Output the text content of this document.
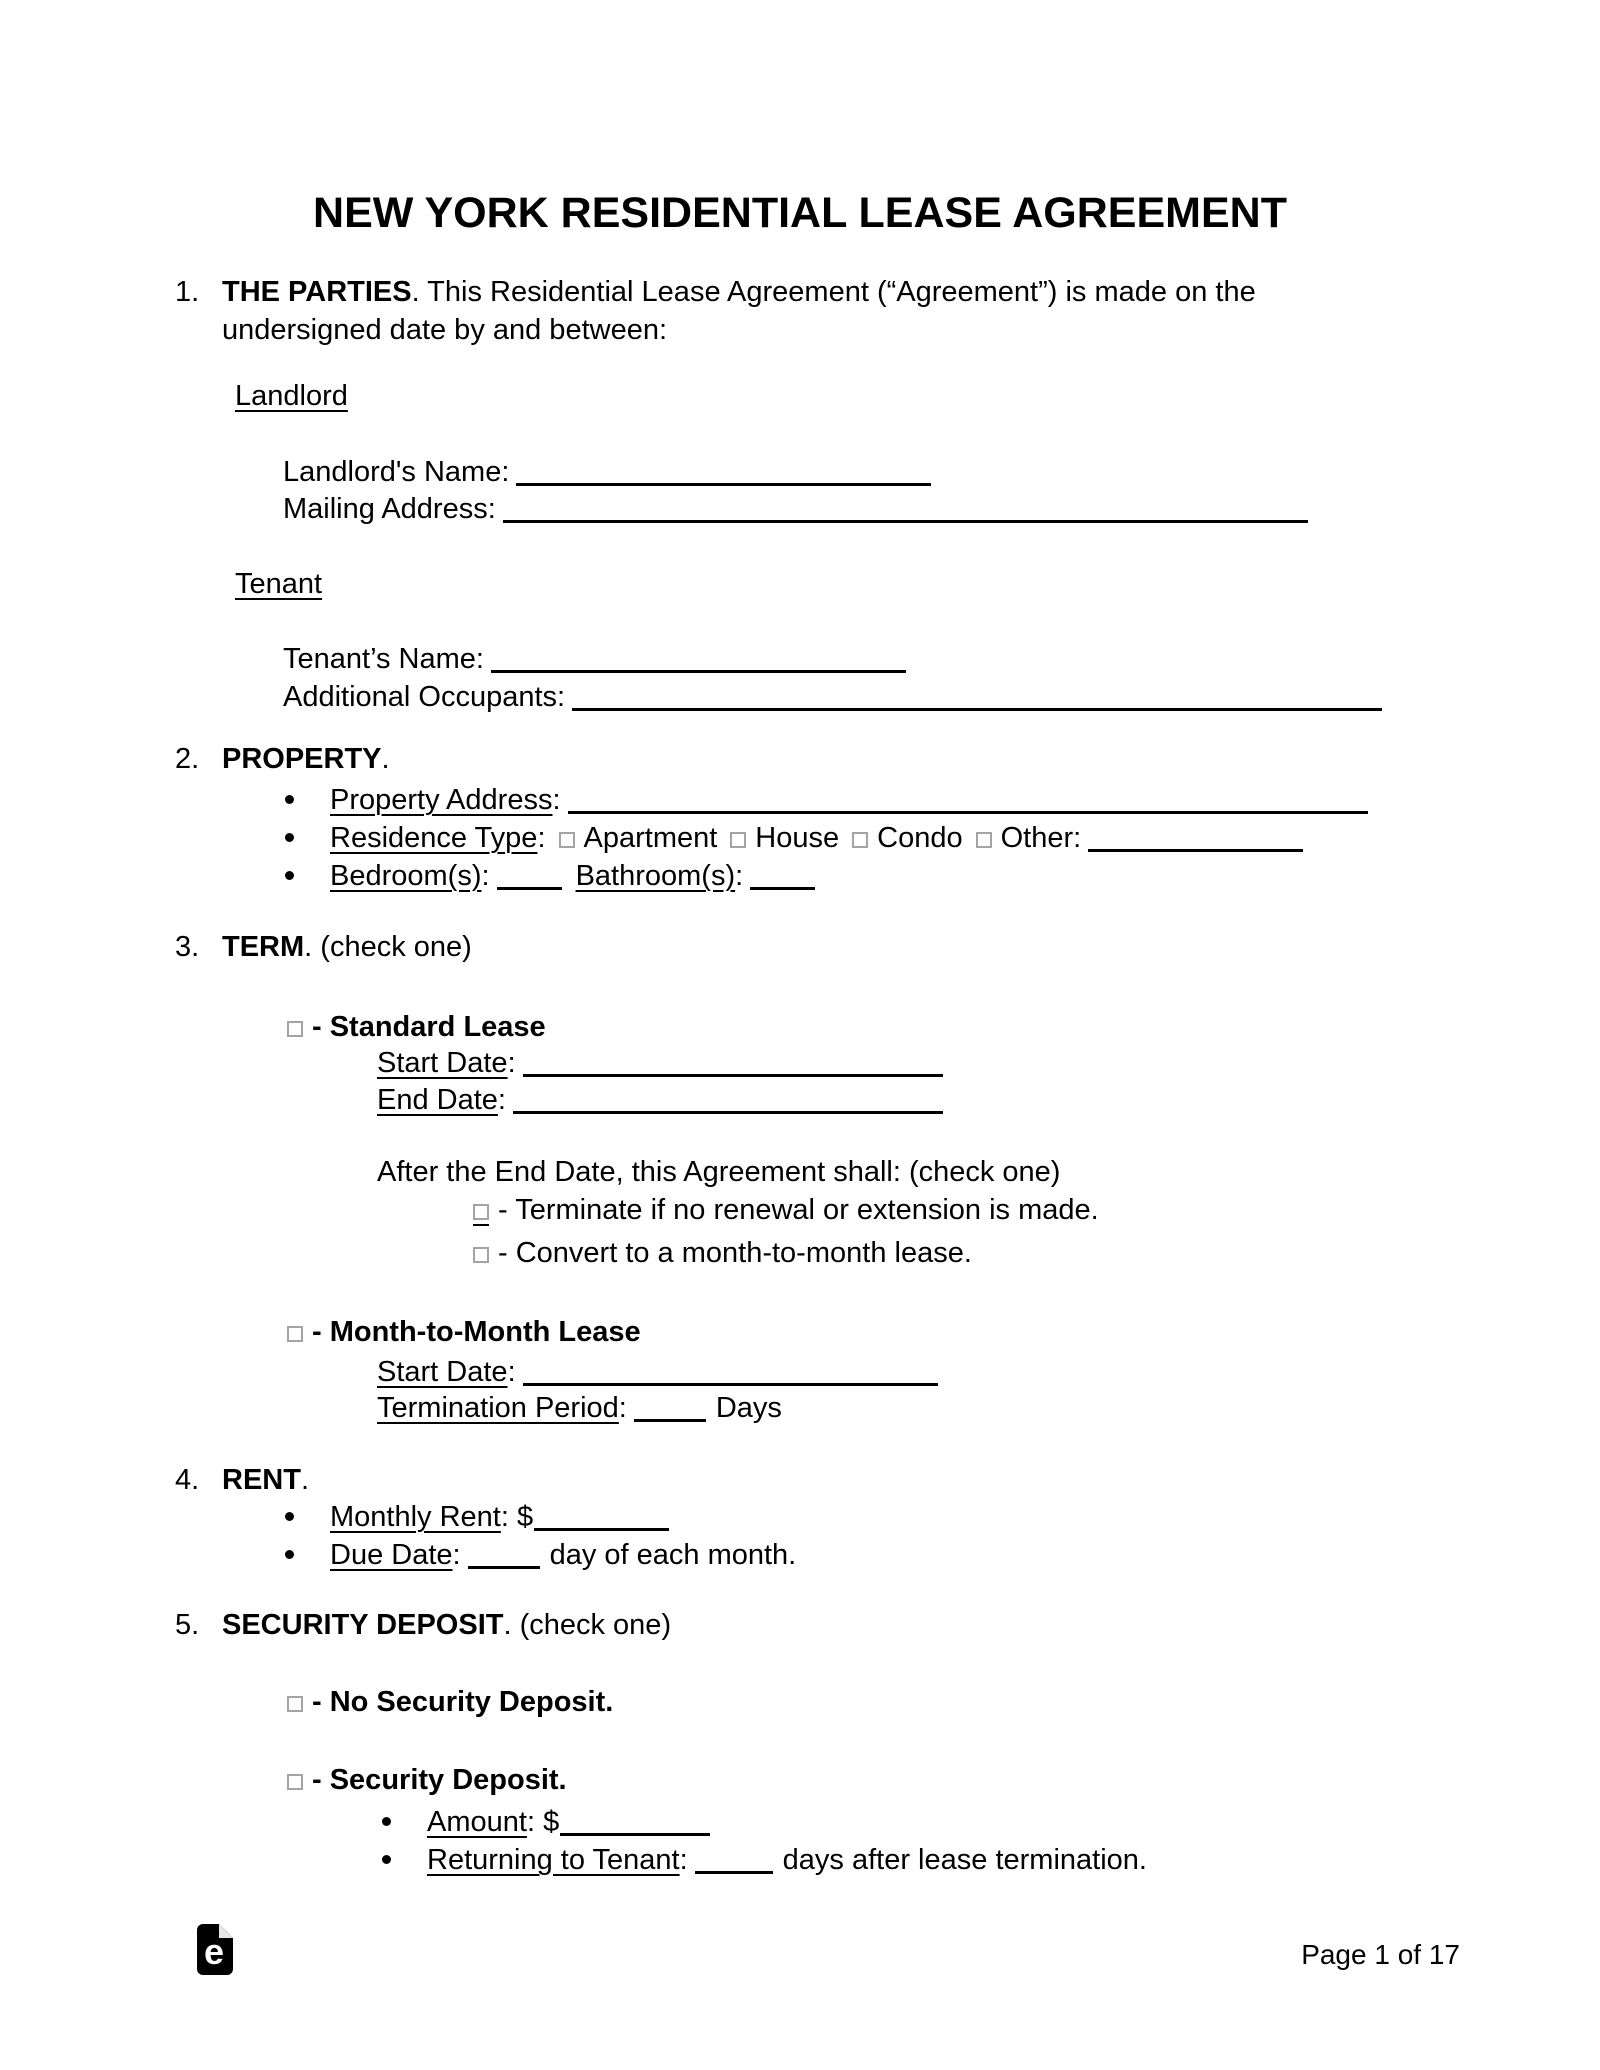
NEW YORK RESIDENTIAL LEASE AGREEMENT
1. THE PARTIES. This Residential Lease Agreement (“Agreement”) is made on the undersigned date by and between:
Landlord
Landlord's Name:
Mailing Address:
Tenant
Tenant’s Name:
Additional Occupants:
2. PROPERTY.
Property Address:
Residence Type: Apartment House Condo Other:
Bedroom(s):	Bathroom(s):
3. TERM. (check one)
- Standard Lease
Start Date:
End Date:
After the End Date, this Agreement shall: (check one)
- Terminate if no renewal or extension is made.
- Convert to a month-to-month lease.
- Month-to-Month Lease
Start Date:
Termination Period:	Days
4. RENT.
Monthly Rent: $
Due Date:	day of each month.
5. SECURITY DEPOSIT. (check one)
- No Security Deposit.
- Security Deposit.
Amount: $
Returning to Tenant:	days after lease termination.
e	Page 1 of 17
